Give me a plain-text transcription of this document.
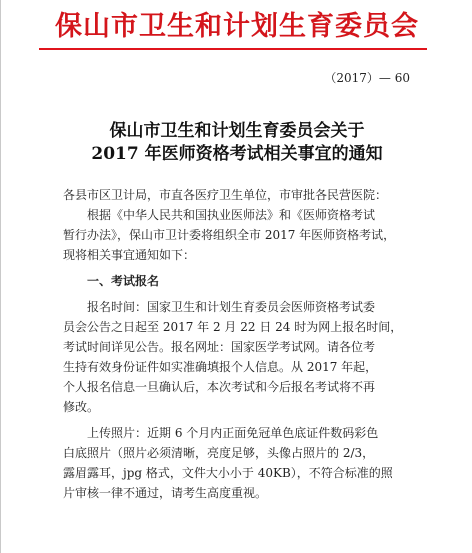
保山市卫生和计划生育委员会
（2017）— 60
保山市卫生和计划生育委员会关于
2017 年医师资格考试相关事宜的通知

各县市区卫计局，市直各医疗卫生单位，市审批各民营医院：

根据《中华人民共和国执业医师法》和《医师资格考试

暂行办法》，保山市卫计委将组织全市 2017 年医师资格考试，

现将相关事宜通知如下：

一、考试报名

报名时间：国家卫生和计划生育委员会医师资格考试委

员会公告之日起至 2017 年 2 月 22 日 24 时为网上报名时间，

考试时间详见公告。报名网址：国家医学考试网。请各位考

生持有效身份证件如实准确填报个人信息。从 2017 年起，

个人报名信息一旦确认后，本次考试和今后报名考试将不再

修改。

上传照片：近期 6 个月内正面免冠单色底证件数码彩色

白底照片（照片必须清晰，亮度足够，头像占照片的 2/3，

露眉露耳，jpg 格式，文件大小小于 40KB），不符合标准的照

片审核一律不通过，请考生高度重视。
